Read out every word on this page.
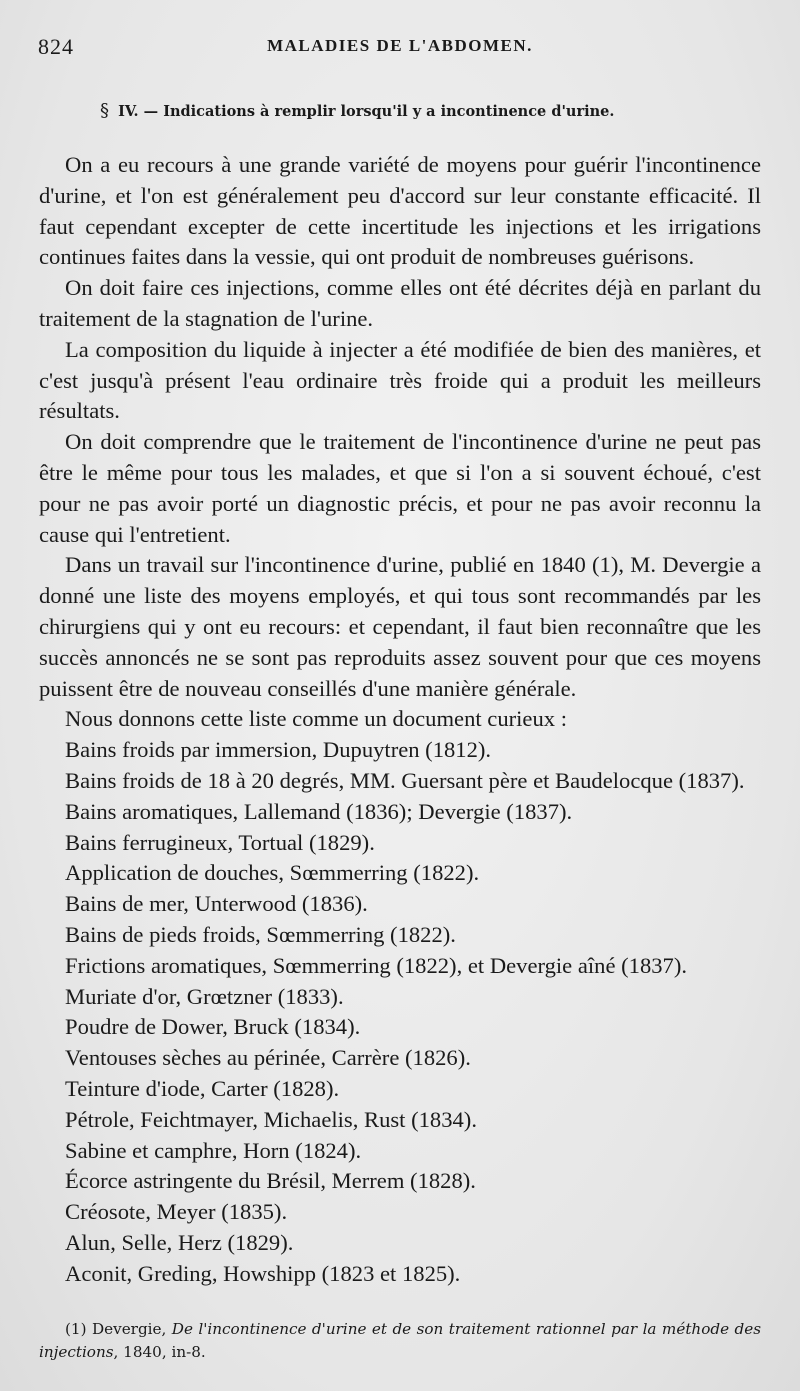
824	MALADIES DE L'ABDOMEN.
§ IV. — Indications à remplir lorsqu'il y a incontinence d'urine.

On a eu recours à une grande variété de moyens pour guérir l'incontinence d'urine, et l'on est généralement peu d'accord sur leur constante efficacité. Il faut cependant excepter de cette incertitude les injections et les irrigations continues faites dans la vessie, qui ont produit de nombreuses guérisons.

On doit faire ces injections, comme elles ont été décrites déjà en parlant du traitement de la stagnation de l'urine.

La composition du liquide à injecter a été modifiée de bien des manières, et c'est jusqu'à présent l'eau ordinaire très froide qui a produit les meilleurs résultats.

On doit comprendre que le traitement de l'incontinence d'urine ne peut pas être le même pour tous les malades, et que si l'on a si souvent échoué, c'est pour ne pas avoir porté un diagnostic précis, et pour ne pas avoir reconnu la cause qui l'entretient.

Dans un travail sur l'incontinence d'urine, publié en 1840 (1), M. Devergie a donné une liste des moyens employés, et qui tous sont recommandés par les chirurgiens qui y ont eu recours: et cependant, il faut bien reconnaître que les succès annoncés ne se sont pas reproduits assez souvent pour que ces moyens puissent être de nouveau conseillés d'une manière générale.

Nous donnons cette liste comme un document curieux :

Bains froids par immersion, Dupuytren (1812).
Bains froids de 18 à 20 degrés, MM. Guersant père et Baudelocque (1837).
Bains aromatiques, Lallemand (1836); Devergie (1837).
Bains ferrugineux, Tortual (1829).
Application de douches, Sœmmerring (1822).
Bains de mer, Unterwood (1836).
Bains de pieds froids, Sœmmerring (1822).
Frictions aromatiques, Sœmmerring (1822), et Devergie aîné (1837).
Muriate d'or, Grœtzner (1833).
Poudre de Dower, Bruck (1834).
Ventouses sèches au périnée, Carrère (1826).
Teinture d'iode, Carter (1828).
Pétrole, Feichtmayer, Michaelis, Rust (1834).
Sabine et camphre, Horn (1824).
Écorce astringente du Brésil, Merrem (1828).
Créosote, Meyer (1835).
Alun, Selle, Herz (1829).
Aconit, Greding, Howshipp (1823 et 1825).

(1) Devergie, De l'incontinence d'urine et de son traitement rationnel par la méthode des injections, 1840, in-8.
